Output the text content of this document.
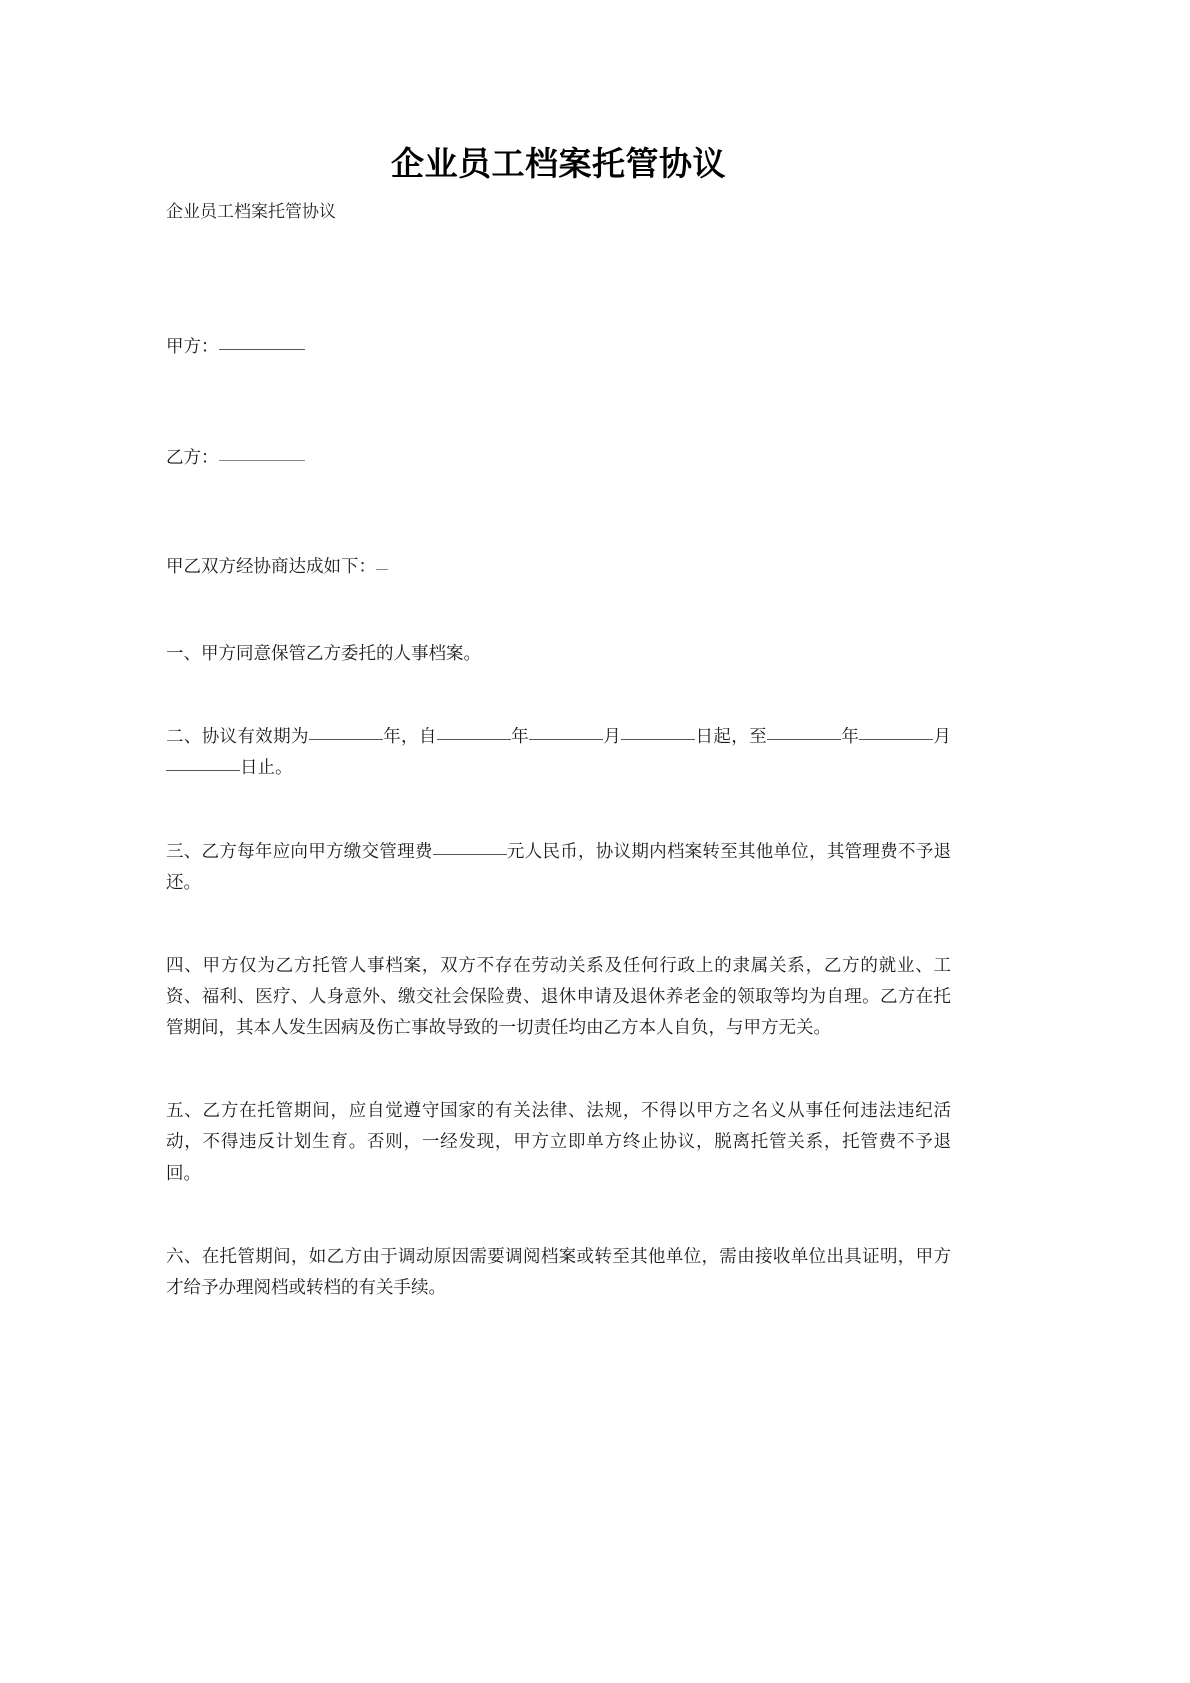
企业员工档案托管协议

企业员工档案托管协议

甲方：

乙方：

甲乙双方经协商达成如下：

一、甲方同意保管乙方委托的人事档案。

二、协议有效期为	年，自	年	月	日起，至	年	月日止。

三、乙方每年应向甲方缴交管理费	元人民币，协议期内档案转至其他单位，其管理费不予退还。

四、甲方仅为乙方托管人事档案，双方不存在劳动关系及任何行政上的隶属关系，乙方的就业、工资、福利、医疗、人身意外、缴交社会保险费、退休申请及退休养老金的领取等均为自理。乙方在托管期间，其本人发生因病及伤亡事故导致的一切责任均由乙方本人自负，与甲方无关。

五、乙方在托管期间，应自觉遵守国家的有关法律、法规，不得以甲方之名义从事任何违法违纪活动，不得违反计划生育。否则，一经发现，甲方立即单方终止协议，脱离托管关系，托管费不予退回。

六、在托管期间，如乙方由于调动原因需要调阅档案或转至其他单位，需由接收单位出具证明，甲方才给予办理阅档或转档的有关手续。
